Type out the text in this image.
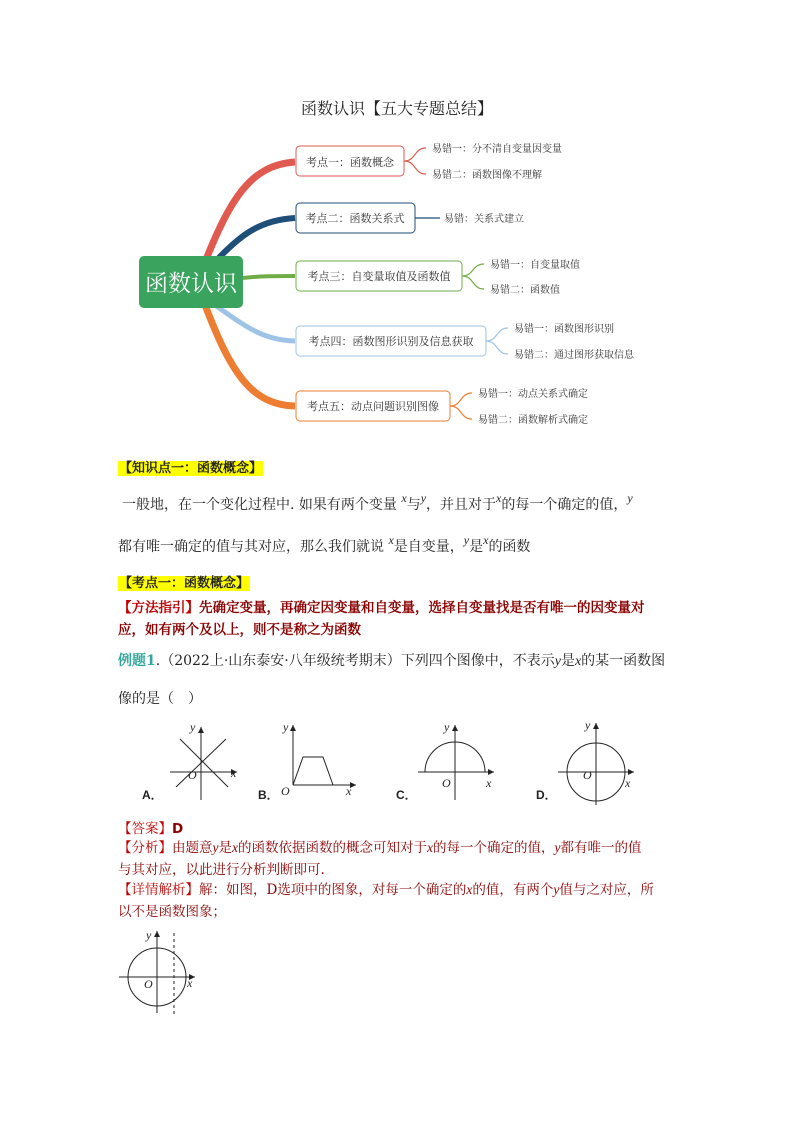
函数认识【五大专题总结】
函数认识
考点一：函数概念
考点二：函数关系式
考点三：自变量取值及函数值
考点四：函数图形识别及信息获取
考点五：动点问题识别图像
易错一：分不清自变量因变量
易错二：函数图像不理解
易错：关系式建立
易错一：自变量取值
易错二：函数值
易错一：函数图形识别
易错二：通过图形获取信息
易错一：动点关系式确定
易错二：函数解析式确定
【知识点一：函数概念】
一般地，在一个变化过程中. 如果有两个变量 x与y，并且对于x的每一个确定的值，y
都有唯一确定的值与其对应，那么我们就说 x是自变量，y是x的函数
【考点一：函数概念】
【方法指引】先确定变量，再确定因变量和自变量，选择自变量找是否有唯一的因变量对
应，如有两个及以上，则不是称之为函数
例题1.（2022上·山东泰安·八年级统考期末）下列四个图像中，不表示y是x的某一函数图
像的是（　）
x
y
O
A．	x
y
O
B．
x
y
O
C．
x
y
O
D．
【答案】D
【分析】由题意y是x的函数依据函数的概念可知对于x的每一个确定的值，y都有唯一的值
与其对应，以此进行分析判断即可.
【详情解析】解：如图，D选项中的图象，对每一个确定的x的值，有两个y值与之对应，所
以不是函数图象；
x
y
O
